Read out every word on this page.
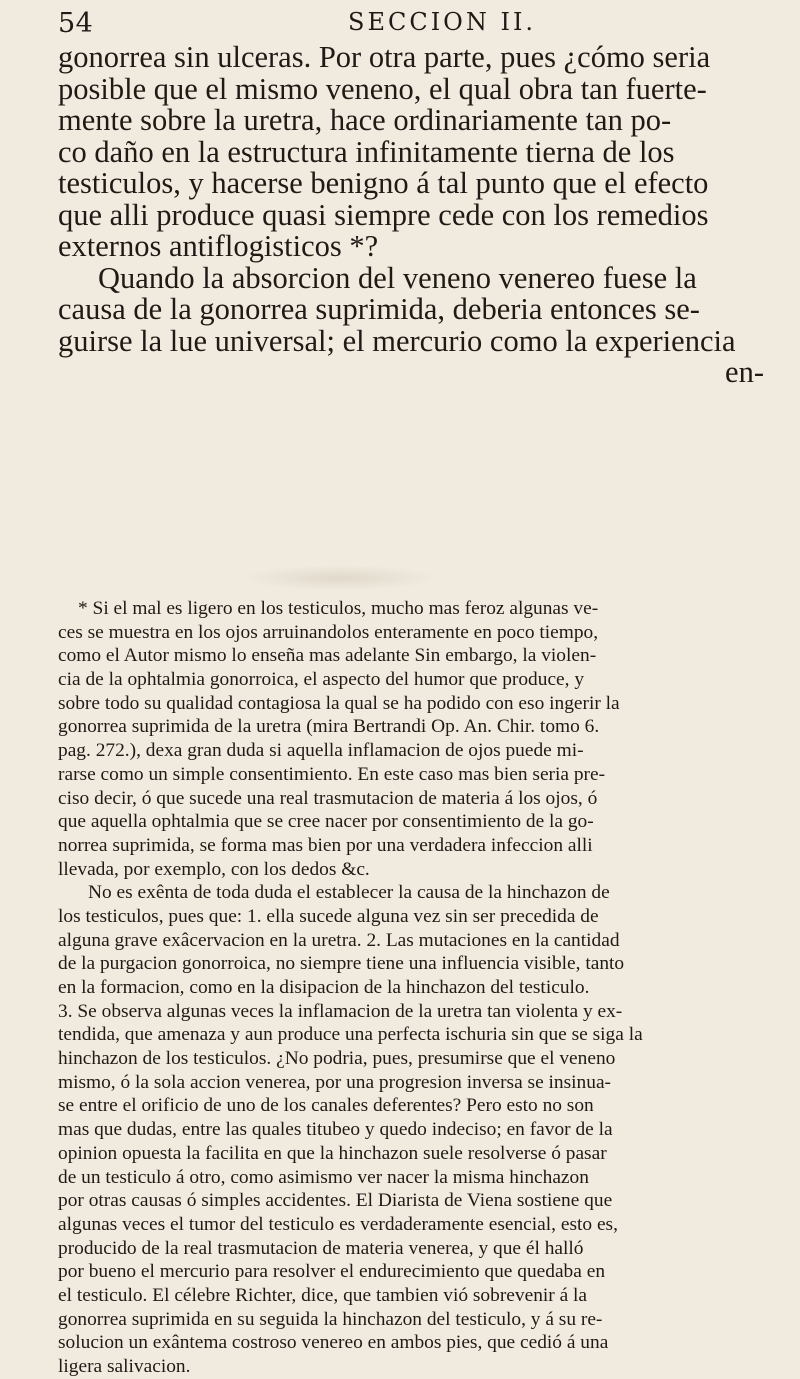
54	SECCION II.
gonorrea sin ulceras. Por otra parte, pues ¿cómo seria
posible que el mismo veneno, el qual obra tan fuerte-
mente sobre la uretra, hace ordinariamente tan po-
co daño en la estructura infinitamente tierna de los
testiculos, y hacerse benigno á tal punto que el efecto
que alli produce quasi siempre cede con los remedios
externos antiflogisticos *?
Quando la absorcion del veneno venereo fuese la
causa de la gonorrea suprimida, deberia entonces se-
guirse la lue universal; el mercurio como la experiencia
en-
* Si el mal es ligero en los testiculos, mucho mas feroz algunas ve-
ces se muestra en los ojos arruinandolos enteramente en poco tiempo,
como el Autor mismo lo enseña mas adelante Sin embargo, la violen-
cia de la ophtalmia gonorroica, el aspecto del humor que produce, y
sobre todo su qualidad contagiosa la qual se ha podido con eso ingerir la
gonorrea suprimida de la uretra (mira Bertrandi Op. An. Chir. tomo 6.
pag. 272.), dexa gran duda si aquella inflamacion de ojos puede mi-
rarse como un simple consentimiento. En este caso mas bien seria pre-
ciso decir, ó que sucede una real trasmutacion de materia á los ojos, ó
que aquella ophtalmia que se cree nacer por consentimiento de la go-
norrea suprimida, se forma mas bien por una verdadera infeccion alli
llevada, por exemplo, con los dedos &c.
No es exênta de toda duda el establecer la causa de la hinchazon de
los testiculos, pues que: 1. ella sucede alguna vez sin ser precedida de
alguna grave exâcervacion en la uretra. 2. Las mutaciones en la cantidad
de la purgacion gonorroica, no siempre tiene una influencia visible, tanto
en la formacion, como en la disipacion de la hinchazon del testiculo.
3. Se observa algunas veces la inflamacion de la uretra tan violenta y ex-
tendida, que amenaza y aun produce una perfecta ischuria sin que se siga la
hinchazon de los testiculos. ¿No podria, pues, presumirse que el veneno
mismo, ó la sola accion venerea, por una progresion inversa se insinua-
se entre el orificio de uno de los canales deferentes? Pero esto no son
mas que dudas, entre las quales titubeo y quedo indeciso; en favor de la
opinion opuesta la facilita en que la hinchazon suele resolverse ó pasar
de un testiculo á otro, como asimismo ver nacer la misma hinchazon
por otras causas ó simples accidentes. El Diarista de Viena sostiene que
algunas veces el tumor del testiculo es verdaderamente esencial, esto es,
producido de la real trasmutacion de materia venerea, y que él halló
por bueno el mercurio para resolver el endurecimiento que quedaba en
el testiculo. El célebre Richter, dice, que tambien vió sobrevenir á la
gonorrea suprimida en su seguida la hinchazon del testiculo, y á su re-
solucion un exântema costroso venereo en ambos pies, que cedió á una
ligera salivacion.
